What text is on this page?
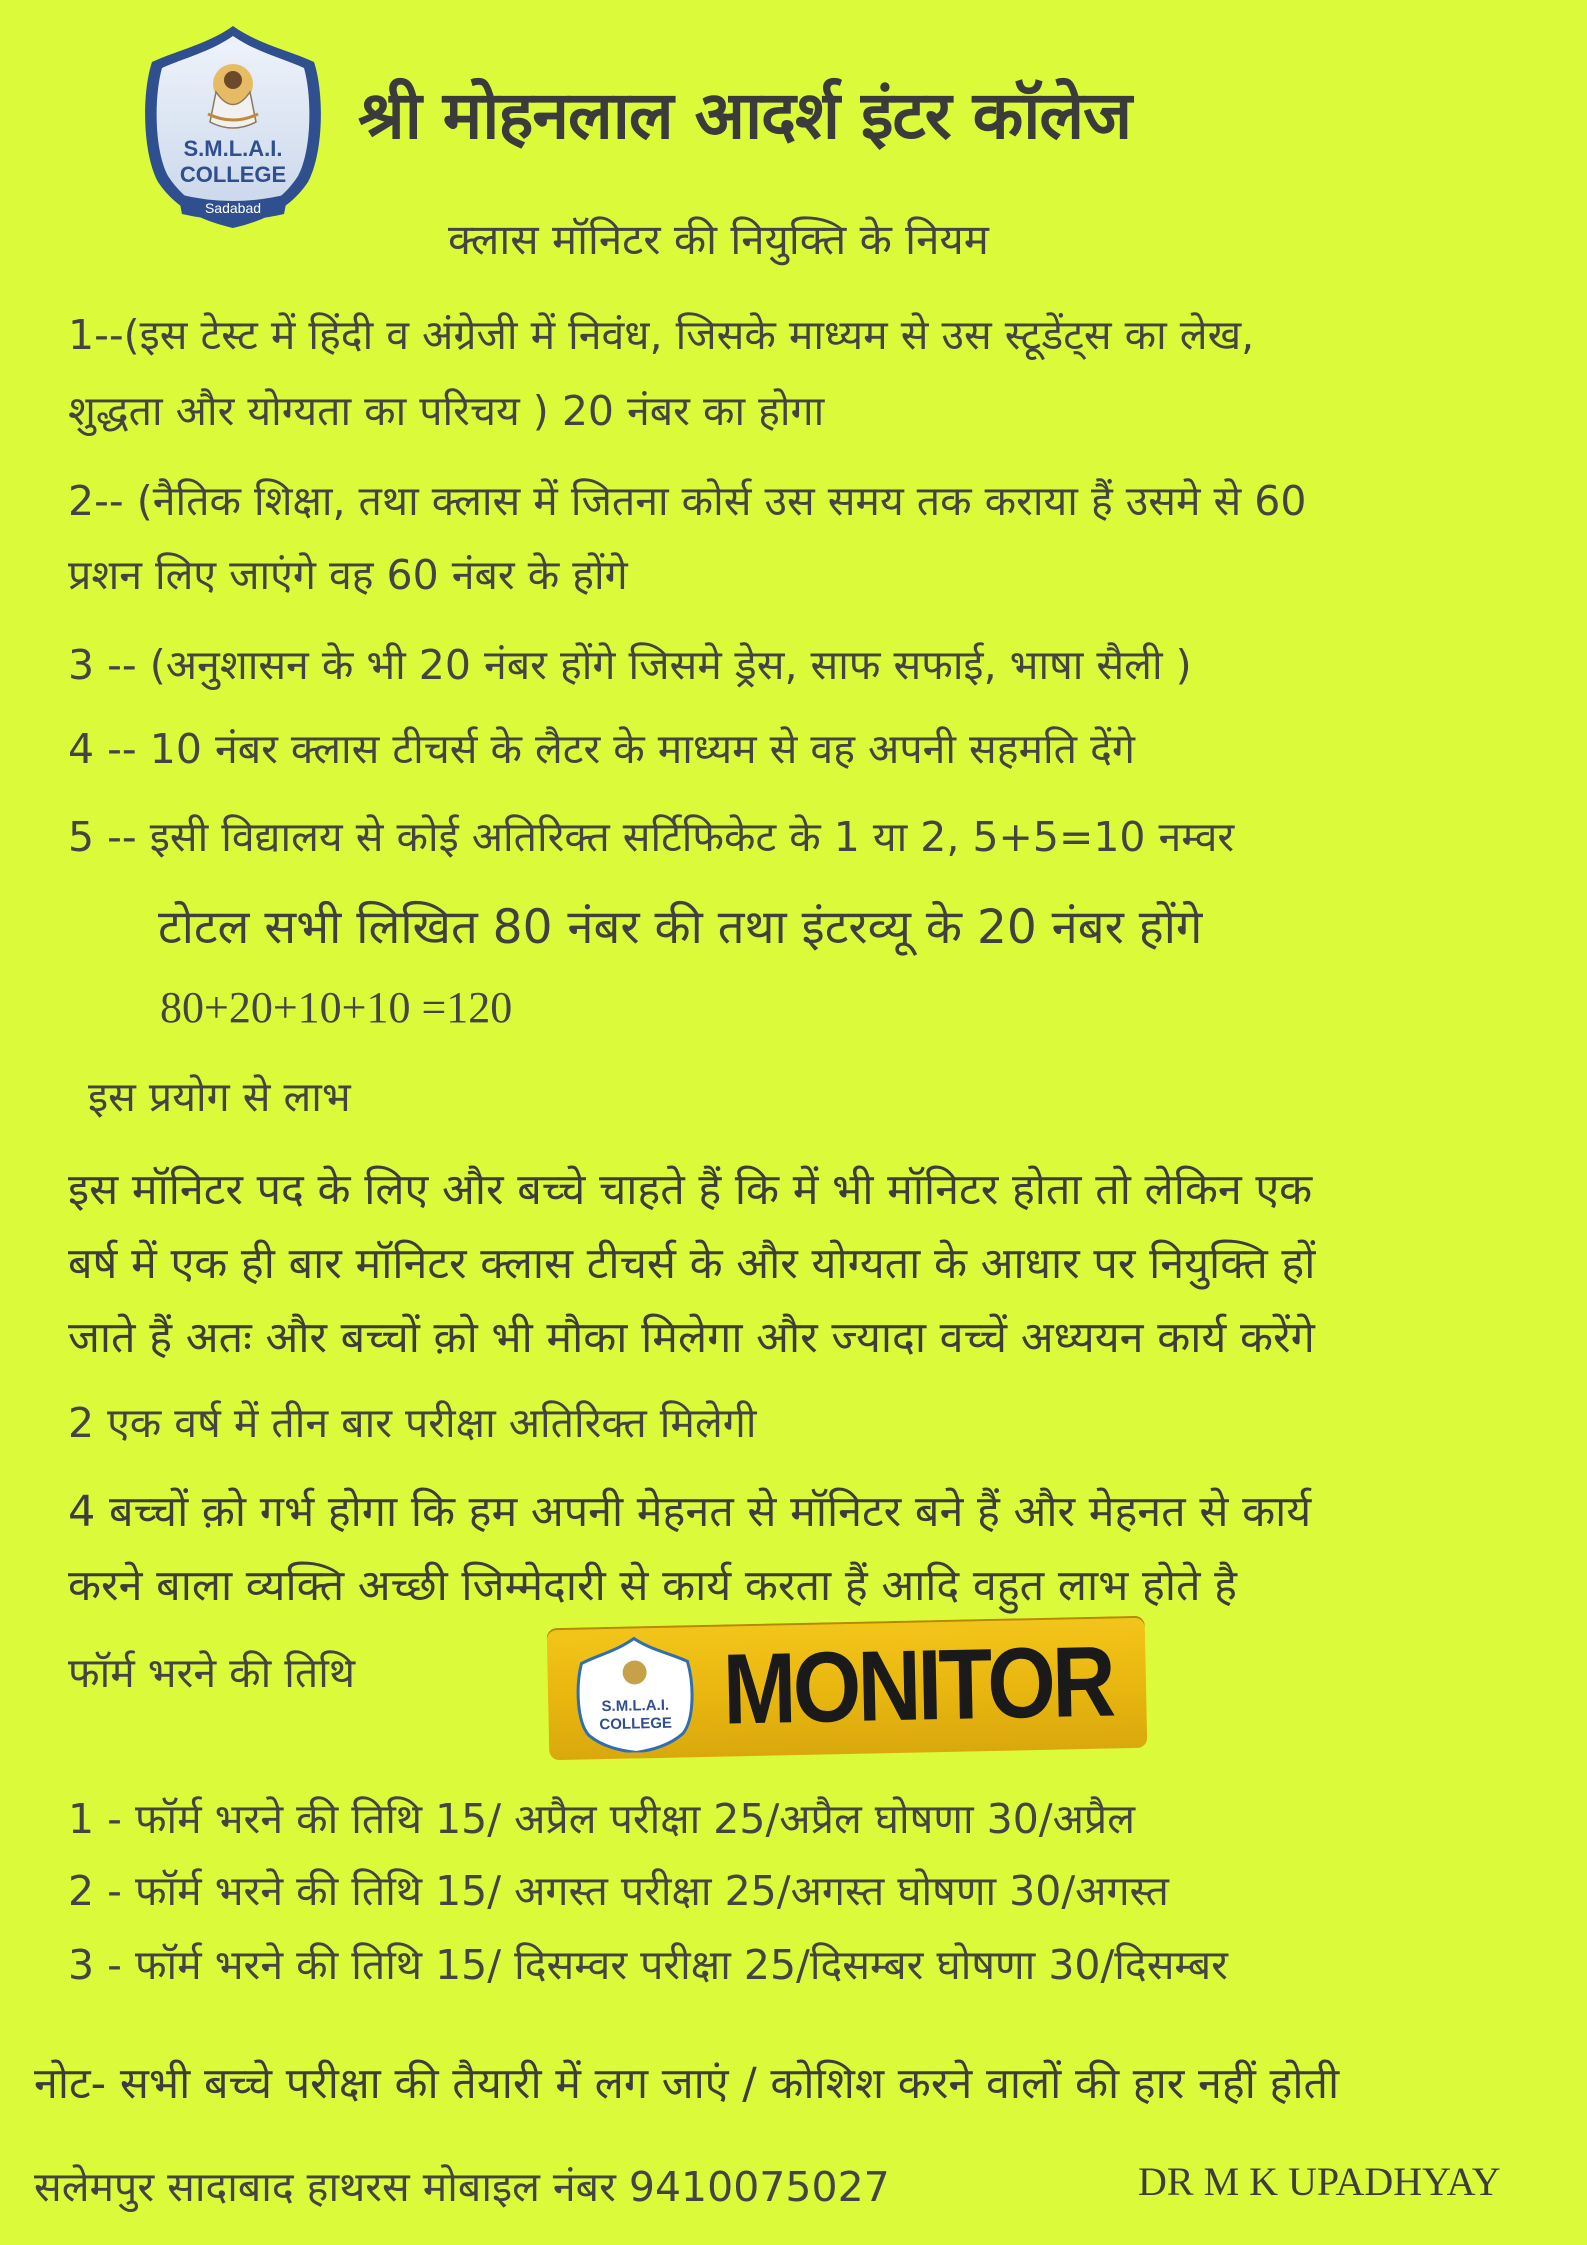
S.M.L.A.I.
COLLEGE
Sadabad
श्री मोहनलाल आदर्श इंटर कॉलेज
क्लास मॉनिटर की नियुक्ति के नियम
1--(इस टेस्ट में हिंदी व अंग्रेजी में निवंध, जिसके माध्यम से उस स्टूडेंट्स का लेख,
शुद्धता और योग्यता का परिचय ) 20 नंबर का होगा
2-- (नैतिक शिक्षा, तथा क्लास में जितना कोर्स उस समय तक कराया हैं उसमे से 60
प्रशन लिए जाएंगे वह 60 नंबर के होंगे
3 -- (अनुशासन के भी 20 नंबर होंगे जिसमे ड्रेस, साफ सफाई, भाषा सैली )
4 -- 10 नंबर क्लास टीचर्स के लैटर के माध्यम से वह अपनी सहमति देंगे
5 -- इसी विद्यालय से कोई अतिरिक्त सर्टिफिकेट के 1 या 2, 5+5=10 नम्वर
टोटल सभी लिखित 80 नंबर की तथा इंटरव्यू के 20 नंबर होंगे
80+20+10+10 =120
इस प्रयोग से लाभ
इस मॉनिटर पद के लिए और बच्चे चाहते हैं कि में भी मॉनिटर होता तो लेकिन एक
बर्ष में एक ही बार मॉनिटर क्लास टीचर्स के और योग्यता के आधार पर नियुक्ति हों
जाते हैं अतः और बच्चों क़ो भी मौका मिलेगा और ज्यादा वच्चें अध्ययन कार्य करेंगे
2 एक वर्ष में तीन बार परीक्षा अतिरिक्त मिलेगी
4 बच्चों क़ो गर्भ होगा कि हम अपनी मेहनत से मॉनिटर बने हैं और मेहनत से कार्य
करने बाला व्यक्ति अच्छी जिम्मेदारी से कार्य करता हैं आदि वहुत लाभ होते है
फॉर्म भरने की तिथि
S.M.L.A.I.
COLLEGE MONITOR
1 - फॉर्म भरने की तिथि 15/ अप्रैल परीक्षा 25/अप्रैल घोषणा 30/अप्रैल
2 - फॉर्म भरने की तिथि 15/ अगस्त परीक्षा 25/अगस्त घोषणा 30/अगस्त
3 - फॉर्म भरने की तिथि 15/ दिसम्वर परीक्षा 25/दिसम्बर घोषणा 30/दिसम्बर
नोट- सभी बच्चे परीक्षा की तैयारी में लग जाएं / कोशिश करने वालों की हार नहीं होती
सलेमपुर सादाबाद हाथरस मोबाइल नंबर 9410075027	DR M K UPADHYAY
